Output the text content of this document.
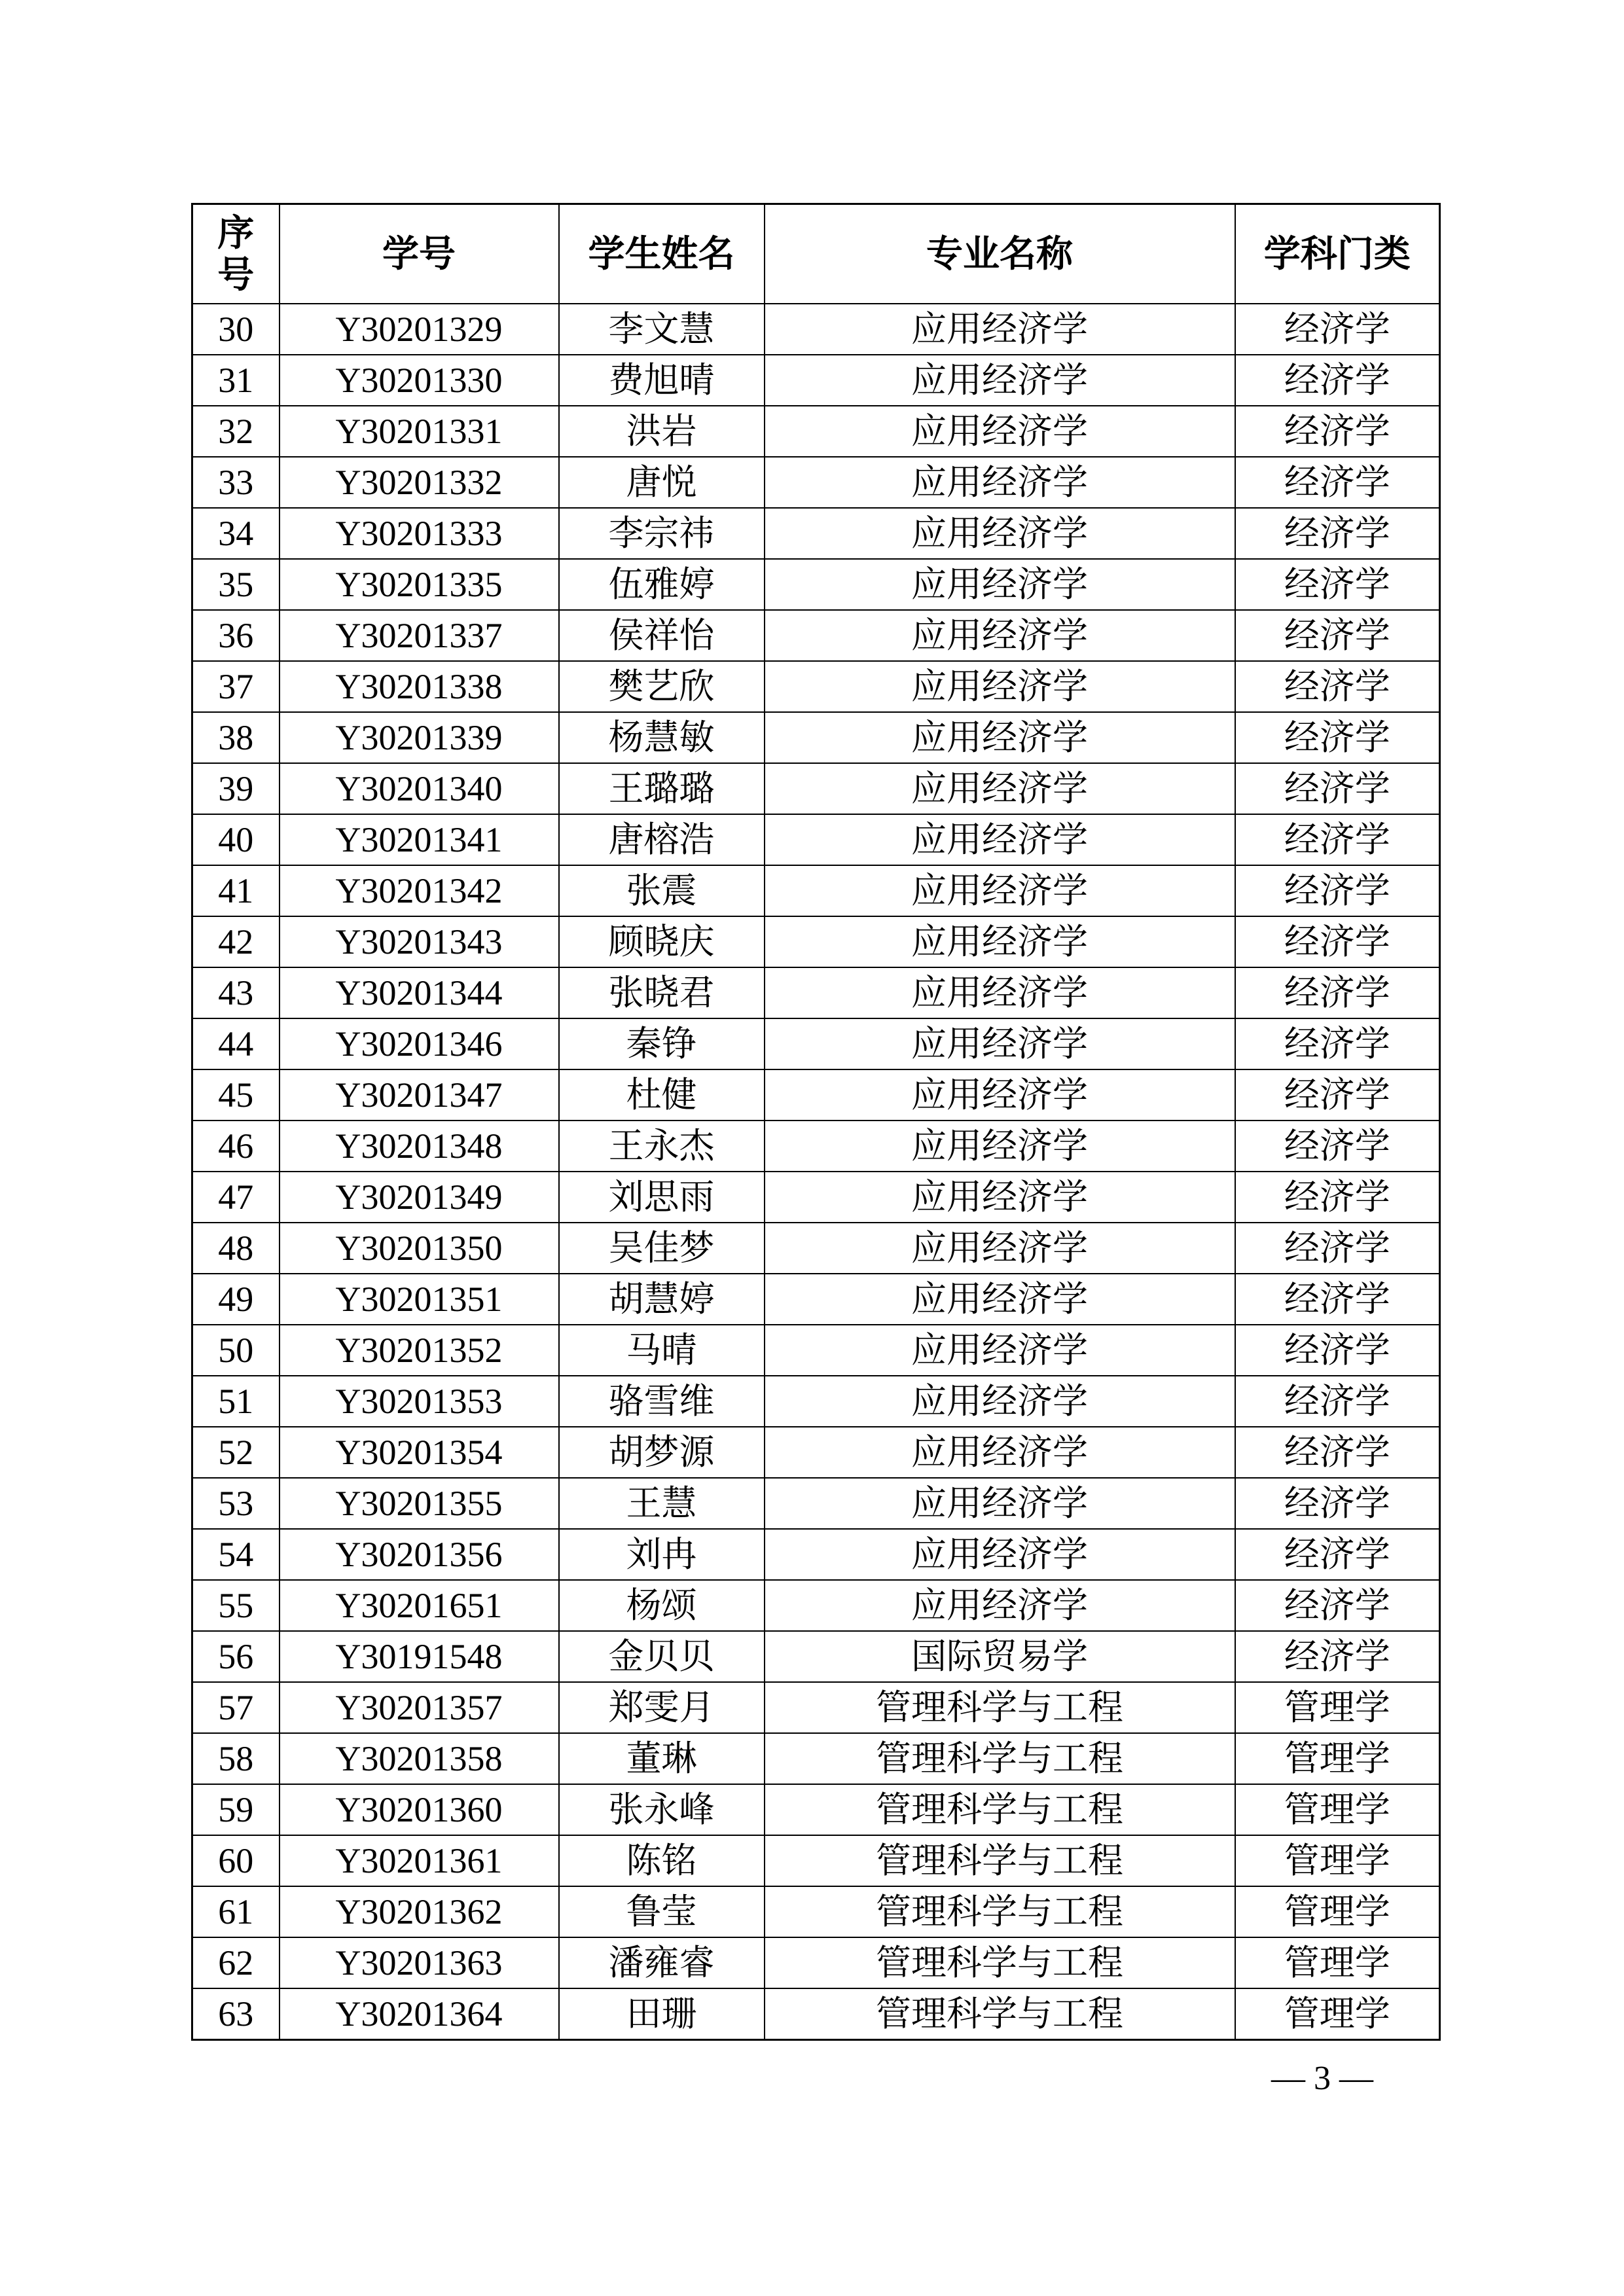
序号	学号	学生姓名	专业名称	学科门类
30	Y30201329	李文慧	应用经济学	经济学
31	Y30201330	费旭晴	应用经济学	经济学
32	Y30201331	洪岩	应用经济学	经济学
33	Y30201332	唐悦	应用经济学	经济学
34	Y30201333	李宗祎	应用经济学	经济学
35	Y30201335	伍雅婷	应用经济学	经济学
36	Y30201337	侯祥怡	应用经济学	经济学
37	Y30201338	樊艺欣	应用经济学	经济学
38	Y30201339	杨慧敏	应用经济学	经济学
39	Y30201340	王璐璐	应用经济学	经济学
40	Y30201341	唐榕浩	应用经济学	经济学
41	Y30201342	张震	应用经济学	经济学
42	Y30201343	顾晓庆	应用经济学	经济学
43	Y30201344	张晓君	应用经济学	经济学
44	Y30201346	秦铮	应用经济学	经济学
45	Y30201347	杜健	应用经济学	经济学
46	Y30201348	王永杰	应用经济学	经济学
47	Y30201349	刘思雨	应用经济学	经济学
48	Y30201350	吴佳梦	应用经济学	经济学
49	Y30201351	胡慧婷	应用经济学	经济学
50	Y30201352	马晴	应用经济学	经济学
51	Y30201353	骆雪维	应用经济学	经济学
52	Y30201354	胡梦源	应用经济学	经济学
53	Y30201355	王慧	应用经济学	经济学
54	Y30201356	刘冉	应用经济学	经济学
55	Y30201651	杨颂	应用经济学	经济学
56	Y30191548	金贝贝	国际贸易学	经济学
57	Y30201357	郑雯月	管理科学与工程	管理学
58	Y30201358	董琳	管理科学与工程	管理学
59	Y30201360	张永峰	管理科学与工程	管理学
60	Y30201361	陈铭	管理科学与工程	管理学
61	Y30201362	鲁莹	管理科学与工程	管理学
62	Y30201363	潘雍睿	管理科学与工程	管理学
63	Y30201364	田珊	管理科学与工程	管理学
— 3 —
